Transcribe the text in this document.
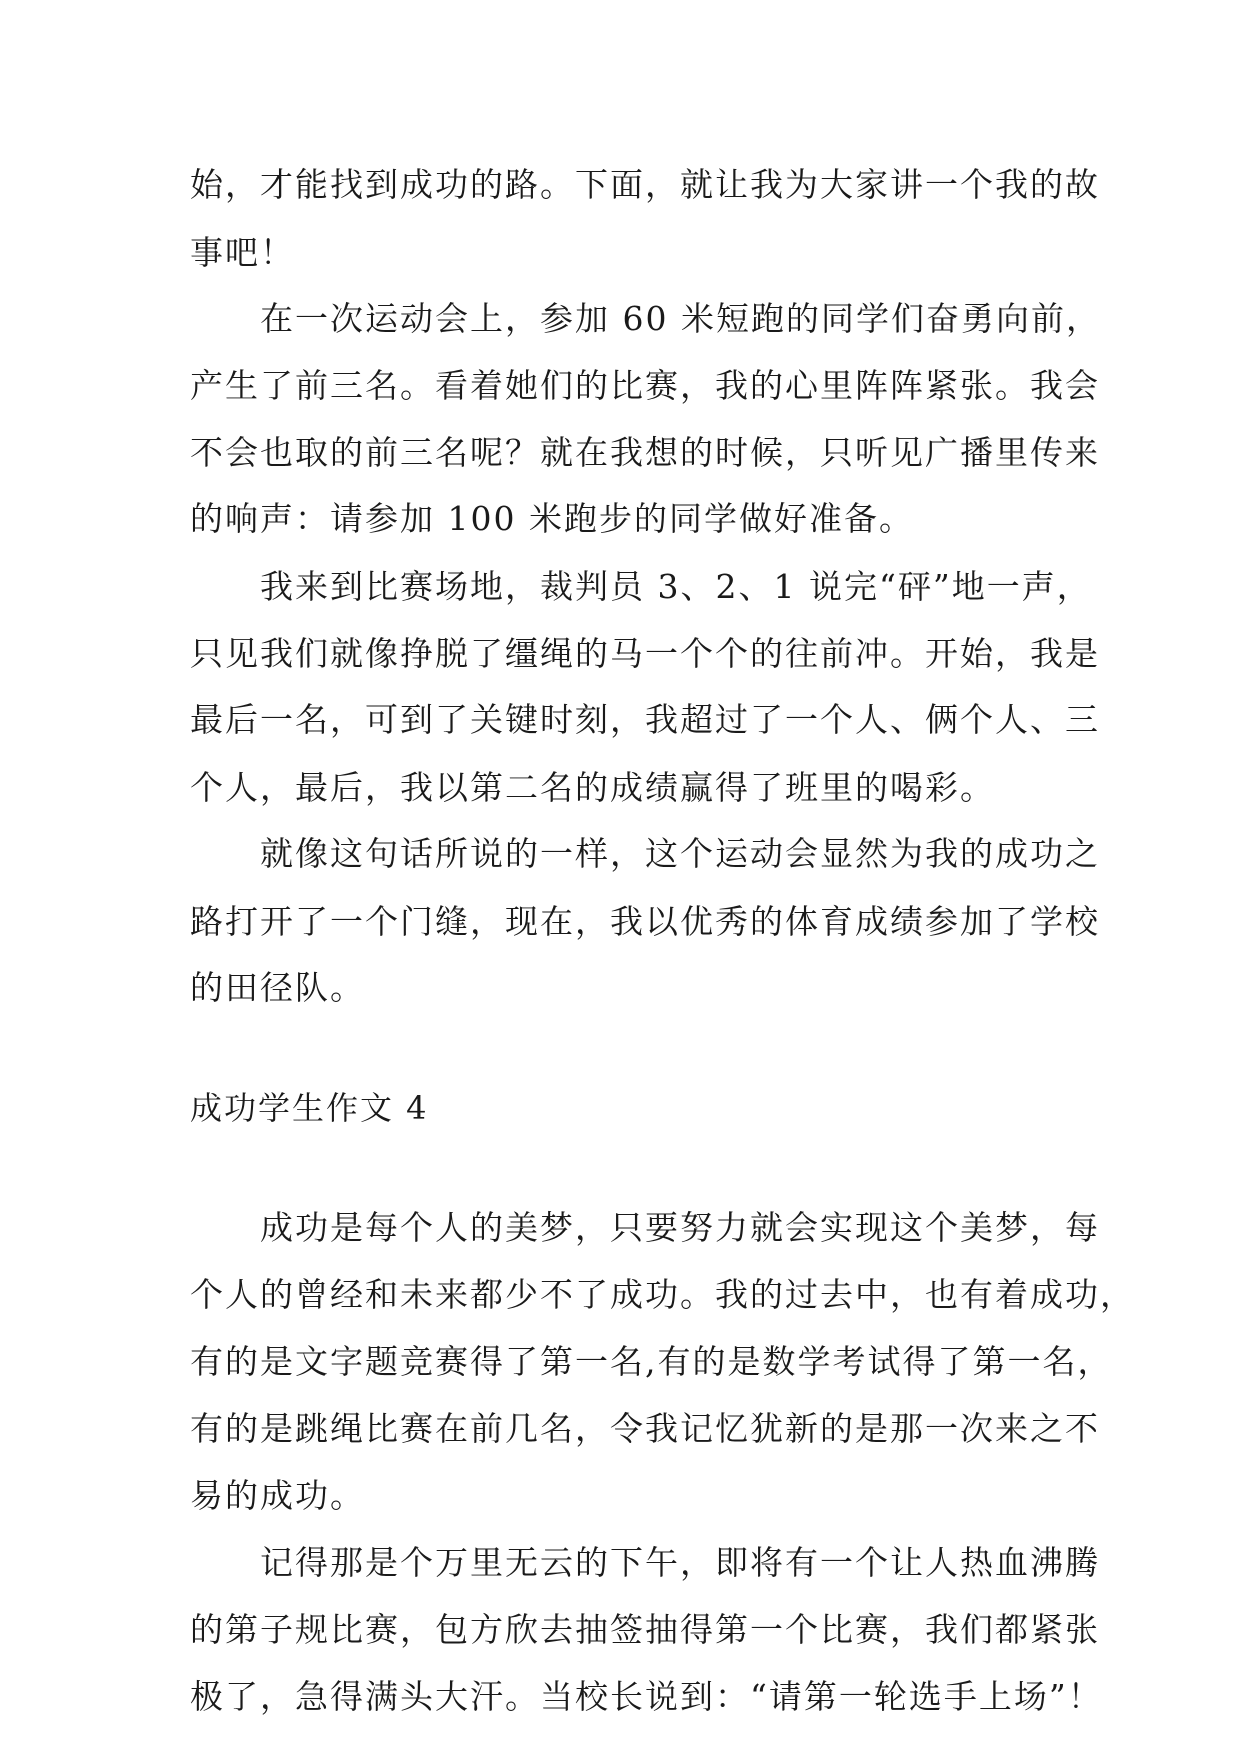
始，才能找到成功的路。下面，就让我为大家讲一个我的故
事吧！
　　在一次运动会上，参加 60 米短跑的同学们奋勇向前，
产生了前三名。看着她们的比赛，我的心里阵阵紧张。我会
不会也取的前三名呢？就在我想的时候，只听见广播里传来
的响声：请参加 100 米跑步的同学做好准备。
　　我来到比赛场地，裁判员 3、2、1 说完“砰”地一声，
只见我们就像挣脱了缰绳的马一个个的往前冲。开始，我是
最后一名，可到了关键时刻，我超过了一个人、俩个人、三
个人，最后，我以第二名的成绩赢得了班里的喝彩。
　　就像这句话所说的一样，这个运动会显然为我的成功之
路打开了一个门缝，现在，我以优秀的体育成绩参加了学校
的田径队。
成功学生作文 4
　　成功是每个人的美梦，只要努力就会实现这个美梦，每
个人的曾经和未来都少不了成功。我的过去中，也有着成功，
有的是文字题竞赛得了第一名,有的是数学考试得了第一名，
有的是跳绳比赛在前几名，令我记忆犹新的是那一次来之不
易的成功。
　　记得那是个万里无云的下午，即将有一个让人热血沸腾
的第子规比赛，包方欣去抽签抽得第一个比赛，我们都紧张
极了，急得满头大汗。当校长说到：“请第一轮选手上场”！
